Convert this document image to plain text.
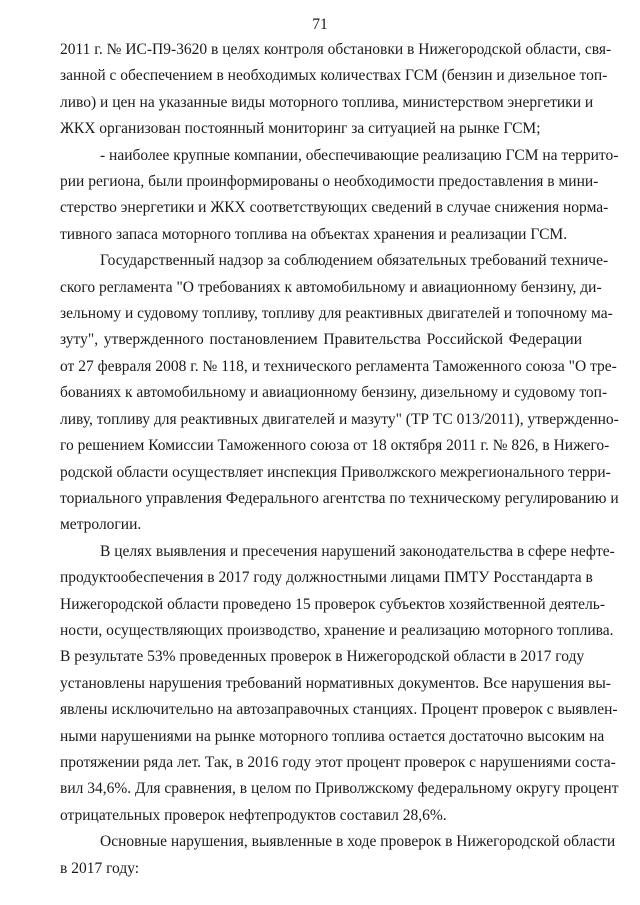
71
2011 г. № ИС-П9-3620 в целях контроля обстановки в Нижегородской области, свя-
занной с обеспечением в необходимых количествах ГСМ (бензин и дизельное топ-
ливо) и цен на указанные виды моторного топлива, министерством энергетики и
ЖКХ организован постоянный мониторинг за ситуацией на рынке ГСМ;
- наиболее крупные компании, обеспечивающие реализацию ГСМ на террито-
рии региона, были проинформированы о необходимости предоставления в мини-
стерство энергетики и ЖКХ соответствующих сведений в случае снижения норма-
тивного запаса моторного топлива на объектах хранения и реализации ГСМ.
Государственный надзор за соблюдением обязательных требований техниче-
ского регламента "О требованиях к автомобильному и авиационному бензину, ди-
зельному и судовому топливу, топливу для реактивных двигателей и топочному ма-
зуту", утвержденного постановлением Правительства Российской Федерации
от 27 февраля 2008 г. № 118, и технического регламента Таможенного союза "О тре-
бованиях к автомобильному и авиационному бензину, дизельному и судовому топ-
ливу, топливу для реактивных двигателей и мазуту" (ТР ТС 013/2011), утвержденно-
го решением Комиссии Таможенного союза от 18 октября 2011 г. № 826, в Нижего-
родской области осуществляет инспекция Приволжского межрегионального терри-
ториального управления Федерального агентства по техническому регулированию и
метрологии.
В целях выявления и пресечения нарушений законодательства в сфере нефте-
продуктообеспечения в 2017 году должностными лицами ПМТУ Росстандарта в
Нижегородской области проведено 15 проверок субъектов хозяйственной деятель-
ности, осуществляющих производство, хранение и реализацию моторного топлива.
В результате 53% проведенных проверок в Нижегородской области в 2017 году
установлены нарушения требований нормативных документов. Все нарушения вы-
явлены исключительно на автозаправочных станциях. Процент проверок с выявлен-
ными нарушениями на рынке моторного топлива остается достаточно высоким на
протяжении ряда лет. Так, в 2016 году этот процент проверок с нарушениями соста-
вил 34,6%. Для сравнения, в целом по Приволжскому федеральному округу процент
отрицательных проверок нефтепродуктов составил 28,6%.
Основные нарушения, выявленные в ходе проверок в Нижегородской области
в 2017 году:
